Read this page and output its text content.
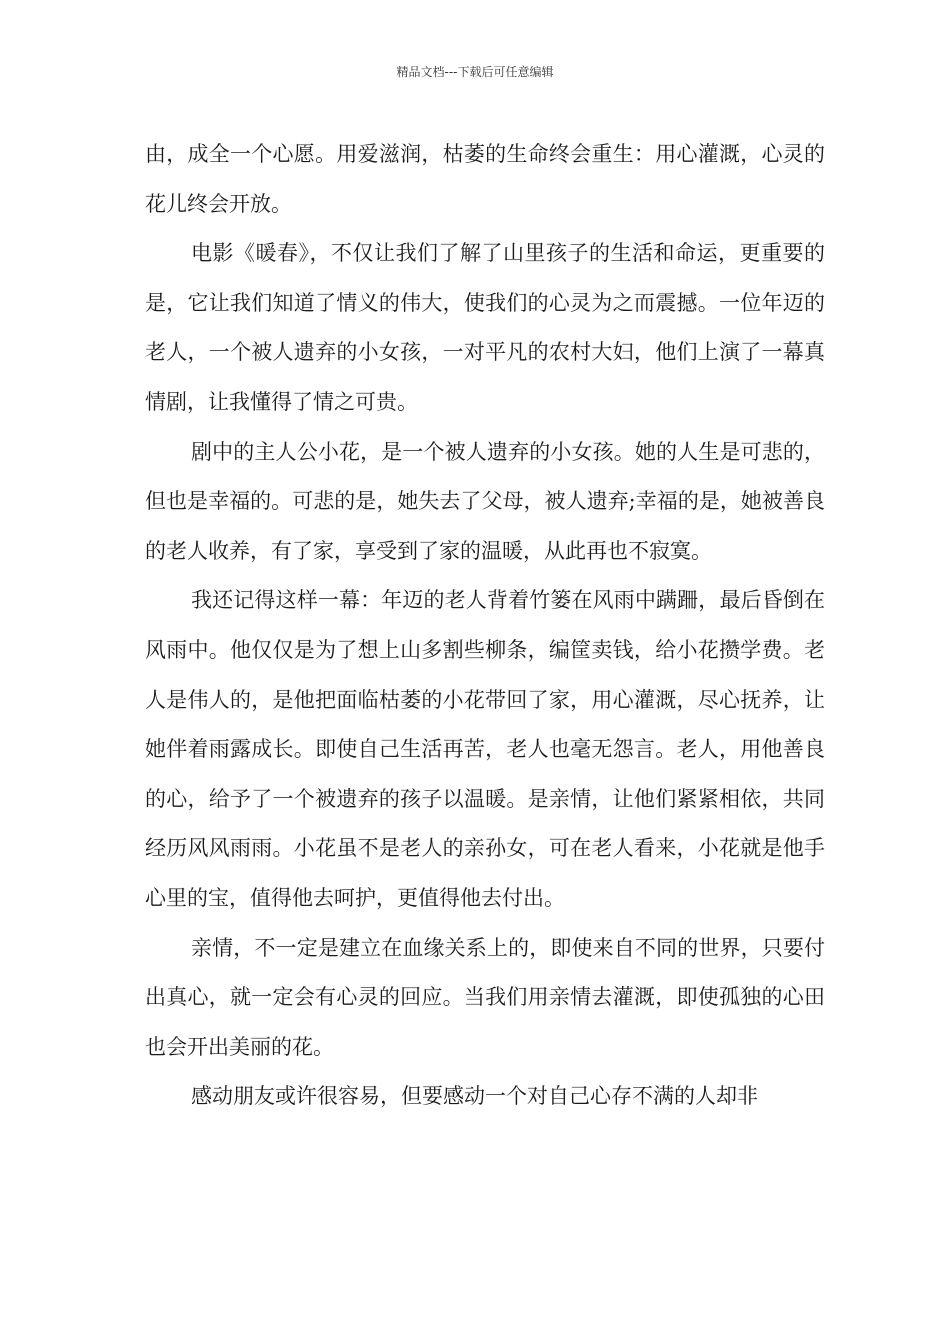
精品文档---下载后可任意编辑

由，成全一个心愿。用爱滋润，枯萎的生命终会重生：用心灌溉，心灵的花儿终会开放。

电影《暖春》，不仅让我们了解了山里孩子的生活和命运，更重要的是，它让我们知道了情义的伟大，使我们的心灵为之而震撼。一位年迈的老人，一个被人遗弃的小女孩，一对平凡的农村大妇，他们上演了一幕真情剧，让我懂得了情之可贵。

剧中的主人公小花，是一个被人遗弃的小女孩。她的人生是可悲的，但也是幸福的。可悲的是，她失去了父母，被人遗弃;幸福的是，她被善良的老人收养，有了家，享受到了家的温暖，从此再也不寂寞。

我还记得这样一幕：年迈的老人背着竹篓在风雨中蹒跚，最后昏倒在风雨中。他仅仅是为了想上山多割些柳条，编筐卖钱，给小花攒学费。老人是伟人的，是他把面临枯萎的小花带回了家，用心灌溉，尽心抚养，让她伴着雨露成长。即使自己生活再苦，老人也毫无怨言。老人，用他善良的心，给予了一个被遗弃的孩子以温暖。是亲情，让他们紧紧相依，共同经历风风雨雨。小花虽不是老人的亲孙女，可在老人看来，小花就是他手心里的宝，值得他去呵护，更值得他去付出。

亲情，不一定是建立在血缘关系上的，即使来自不同的世界，只要付出真心，就一定会有心灵的回应。当我们用亲情去灌溉，即使孤独的心田也会开出美丽的花。

感动朋友或许很容易，但要感动一个对自己心存不满的人却非
